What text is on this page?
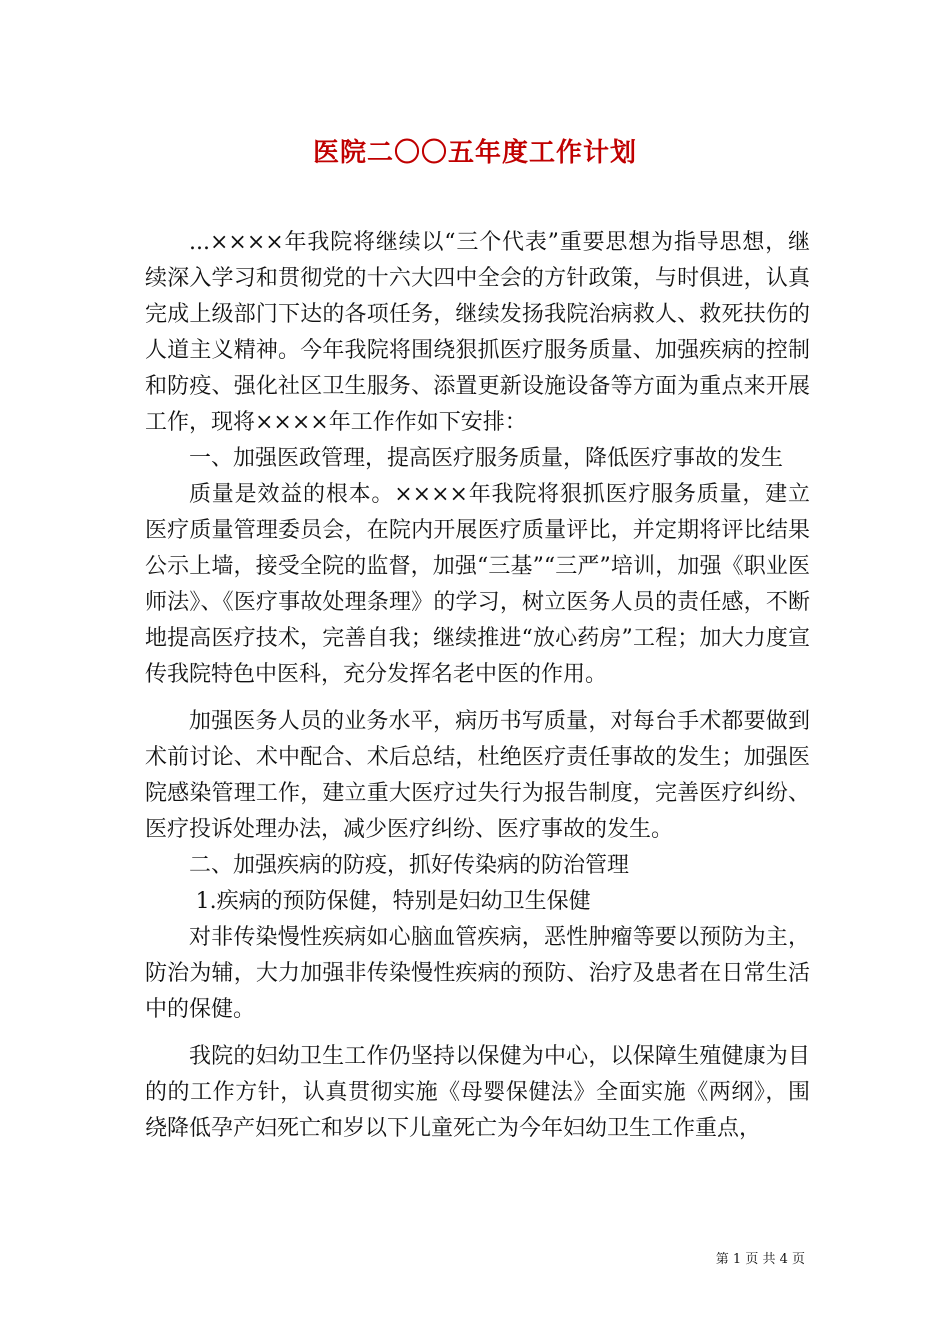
医院二〇〇五年度工作计划

...××××年我院将继续以“三个代表”重要思想为指导思想，继续深入学习和贯彻党的十六大四中全会的方针政策，与时俱进，认真完成上级部门下达的各项任务，继续发扬我院治病救人、救死扶伤的人道主义精神。今年我院将围绕狠抓医疗服务质量、加强疾病的控制和防疫、强化社区卫生服务、添置更新设施设备等方面为重点来开展工作，现将××××年工作作如下安排：

一、加强医政管理，提高医疗服务质量，降低医疗事故的发生

质量是效益的根本。××××年我院将狠抓医疗服务质量，建立医疗质量管理委员会，在院内开展医疗质量评比，并定期将评比结果公示上墙，接受全院的监督，加强“三基”“三严”培训，加强《职业医师法》、《医疗事故处理条理》的学习，树立医务人员的责任感，不断地提高医疗技术，完善自我；继续推进“放心药房”工程；加大力度宣传我院特色中医科，充分发挥名老中医的作用。

加强医务人员的业务水平，病历书写质量，对每台手术都要做到术前讨论、术中配合、术后总结，杜绝医疗责任事故的发生；加强医院感染管理工作，建立重大医疗过失行为报告制度，完善医疗纠纷、医疗投诉处理办法，减少医疗纠纷、医疗事故的发生。

二、加强疾病的防疫，抓好传染病的防治管理

1.疾病的预防保健，特别是妇幼卫生保健

对非传染慢性疾病如心脑血管疾病，恶性肿瘤等要以预防为主，防治为辅，大力加强非传染慢性疾病的预防、治疗及患者在日常生活中的保健。

我院的妇幼卫生工作仍坚持以保健为中心，以保障生殖健康为目的的工作方针，认真贯彻实施《母婴保健法》全面实施《两纲》，围绕降低孕产妇死亡和岁以下儿童死亡为今年妇幼卫生工作重点，

第 1 页 共 4 页
